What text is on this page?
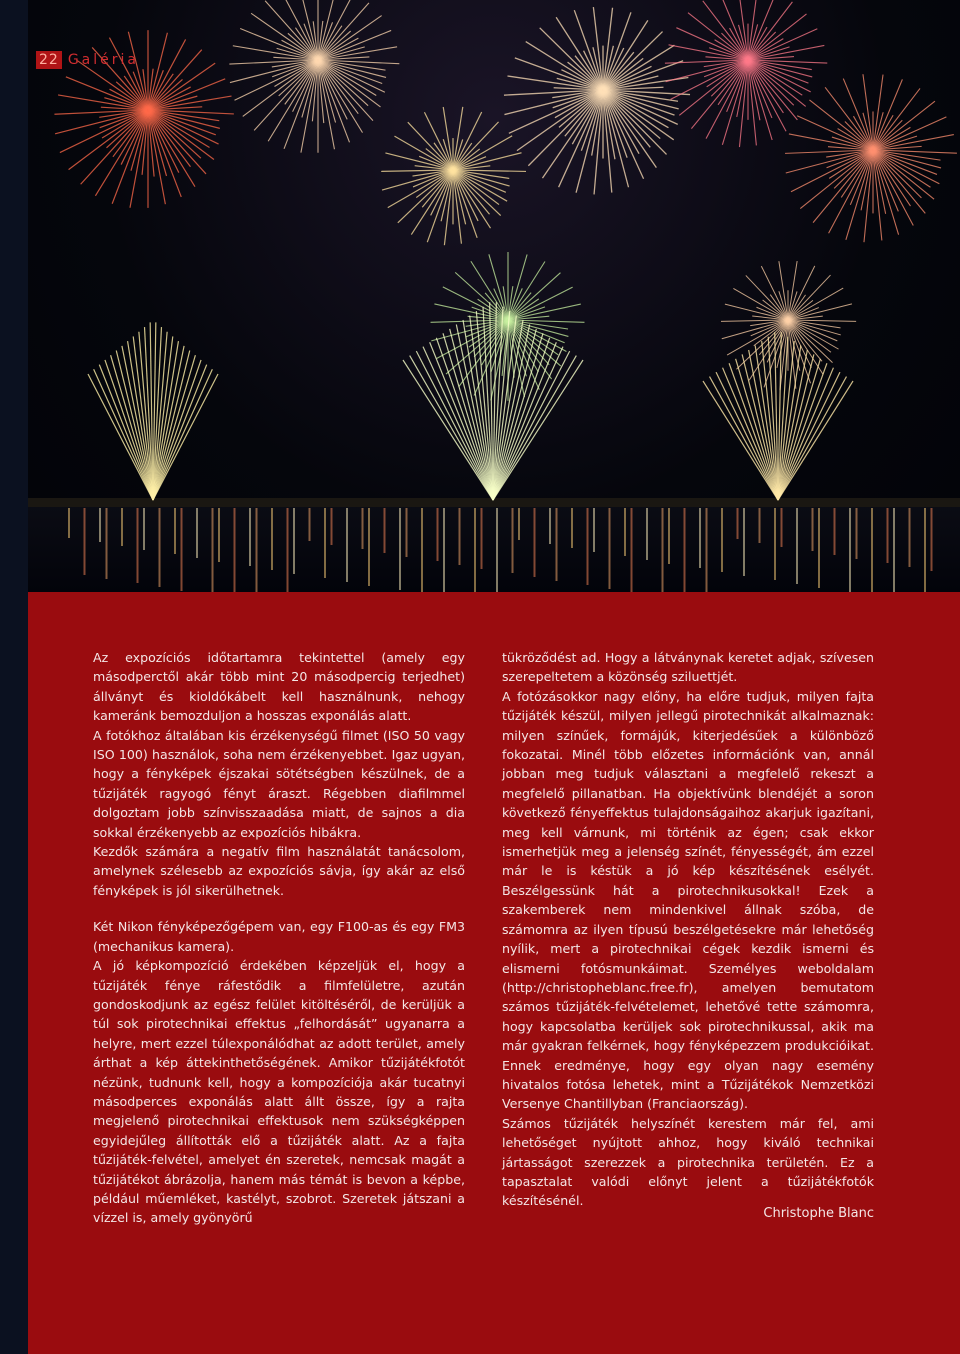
22 Galéria

Az expozíciós időtartamra tekintettel (amely egy másodperctől akár több mint 20 másodpercig terjedhet) állványt és kioldókábelt kell használnunk, nehogy kameránk bemozduljon a hosszas exponálás alatt.

A fotókhoz általában kis érzékenységű filmet (ISO 50 vagy ISO 100) használok, soha nem érzékenyebbet. Igaz ugyan, hogy a fényképek éjszakai sötétségben készülnek, de a tűzijáték ragyogó fényt áraszt. Régebben diafilmmel dolgoztam jobb színvisszaadása miatt, de sajnos a dia sokkal érzékenyebb az expozíciós hibákra.

Kezdők számára a negatív film használatát tanácsolom, amelynek szélesebb az expozíciós sávja, így akár az első fényképek is jól sikerülhetnek.

Két Nikon fényképezőgépem van, egy F100-as és egy FM3 (mechanikus kamera).

A jó képkompozíció érdekében képzeljük el, hogy a tűzijáték fénye ráfestődik a filmfelületre, azután gondoskodjunk az egész felület kitöltéséről, de kerüljük a túl sok pirotechnikai effektus „felhordását” ugyanarra a helyre, mert ezzel túlexponálódhat az adott terület, amely árthat a kép áttekinthetőségének. Amikor tűzijátékfotót nézünk, tudnunk kell, hogy a kompozíciója akár tucatnyi másodperces exponálás alatt állt össze, így a rajta megjelenő pirotechnikai effektusok nem szükségképpen egyidejűleg állították elő a tűzijáték alatt. Az a fajta tűzijáték-felvétel, amelyet én szeretek, nemcsak magát a tűzijátékot ábrázolja, hanem más témát is bevon a képbe, például műemléket, kastélyt, szobrot. Szeretek játszani a vízzel is, amely gyönyörű

tükröződést ad. Hogy a látványnak keretet adjak, szívesen szerepeltetem a közönség sziluettjét.

A fotózásokkor nagy előny, ha előre tudjuk, milyen fajta tűzijáték készül, milyen jellegű pirotechnikát alkalmaznak: milyen színűek, formájúk, kiterjedésűek a különböző fokozatai. Minél több előzetes információnk van, annál jobban meg tudjuk választani a megfelelő rekeszt a megfelelő pillanatban. Ha objektívünk blendéjét a soron következő fényeffektus tulajdonságaihoz akarjuk igazítani, meg kell várnunk, mi történik az égen; csak ekkor ismerhetjük meg a jelenség színét, fényességét, ám ezzel már le is késtük a jó kép készítésének esélyét. Beszélgessünk hát a pirotechnikusokkal! Ezek a szakemberek nem mindenkivel állnak szóba, de számomra az ilyen típusú beszélgetésekre már lehetőség nyílik, mert a pirotechnikai cégek kezdik ismerni és elismerni fotósmunkáimat. Személyes weboldalam (http://christopheblanc.free.fr), amelyen bemutatom számos tűzijáték-felvételemet, lehetővé tette számomra, hogy kapcsolatba kerüljek sok pirotechnikussal, akik ma már gyakran felkérnek, hogy fényképezzem produkcióikat. Ennek eredménye, hogy egy olyan nagy esemény hivatalos fotósa lehetek, mint a Tűzijátékok Nemzetközi Versenye Chantillyban (Franciaország).

Számos tűzijáték helyszínét kerestem már fel, ami lehetőséget nyújtott ahhoz, hogy kiváló technikai jártasságot szerezzek a pirotechnika területén. Ez a tapasztalat valódi előnyt jelent a tűzijátékfotók készítésénél.

Christophe Blanc
